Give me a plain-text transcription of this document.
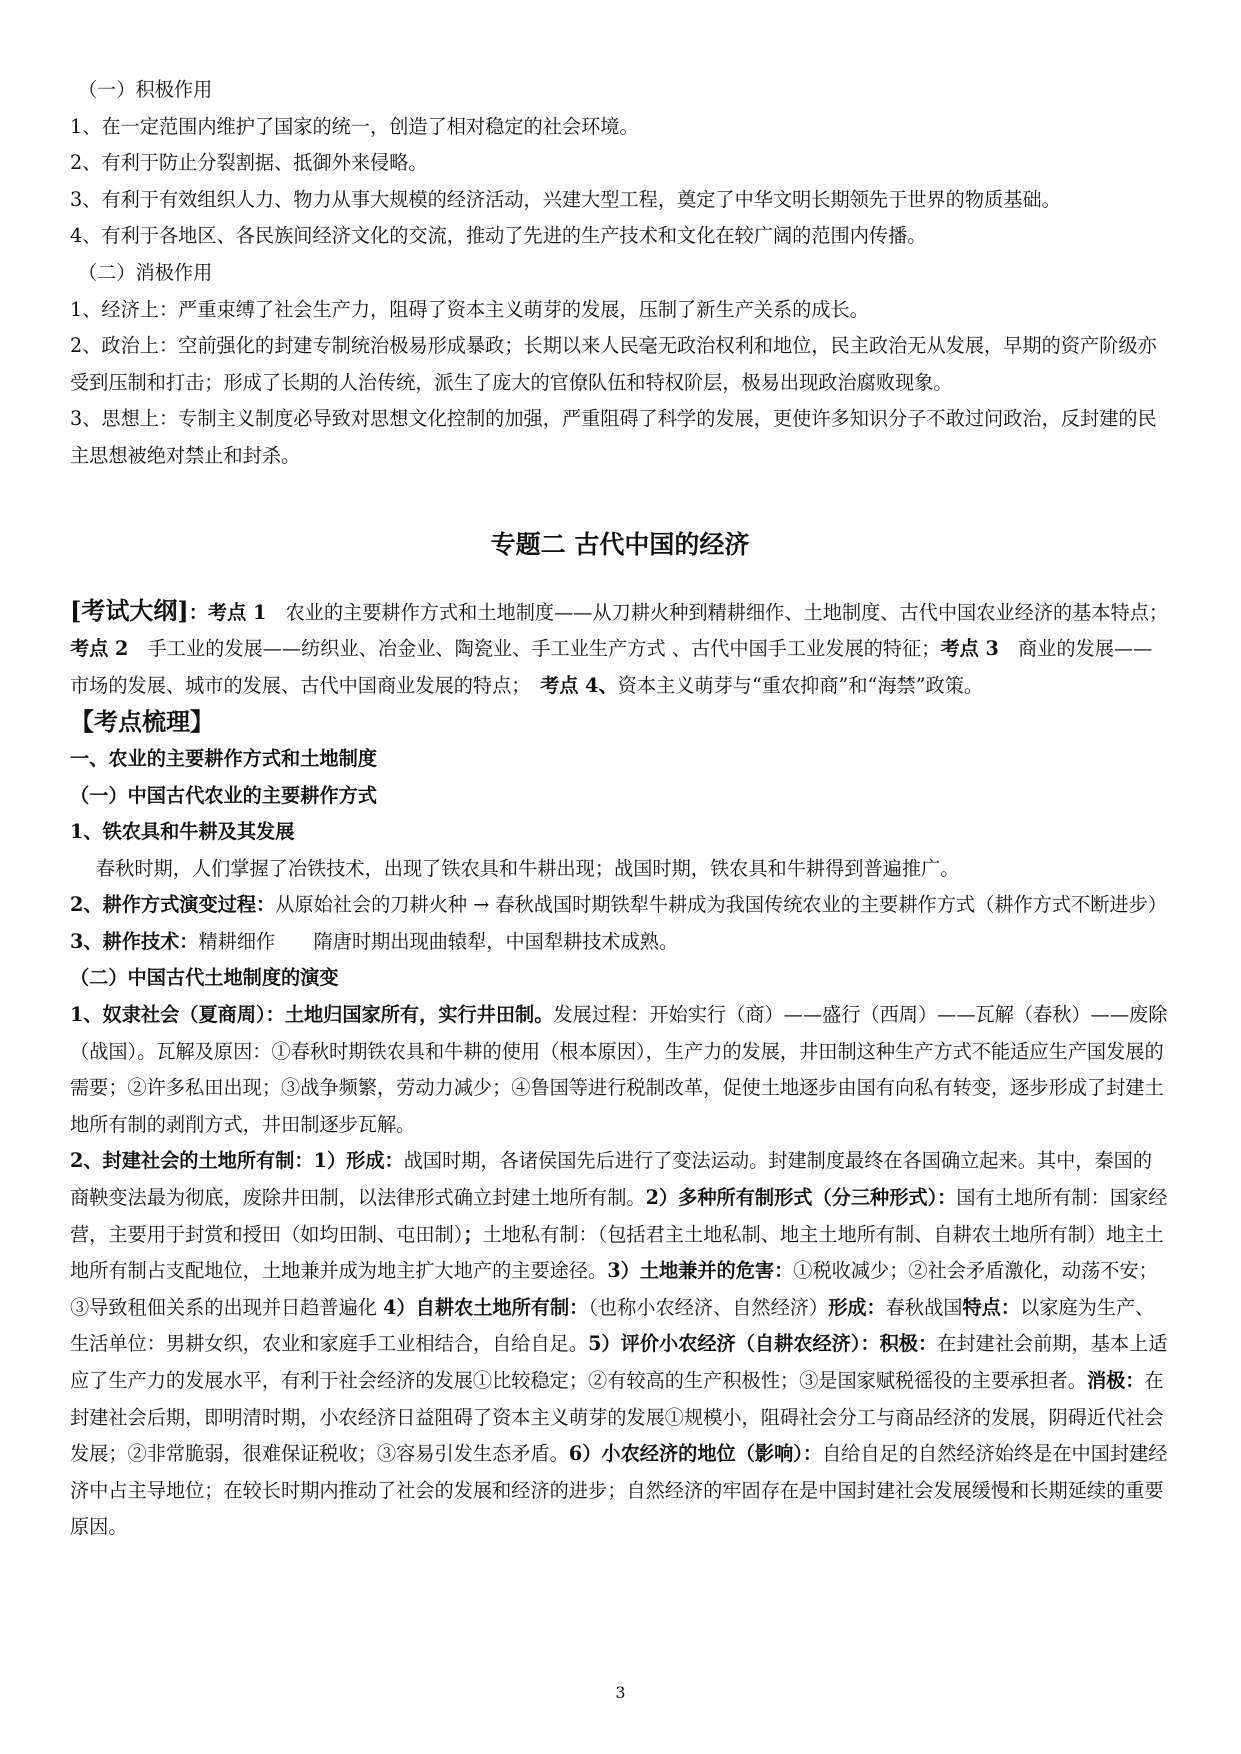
（一）积极作用

1、在一定范围内维护了国家的统一，创造了相对稳定的社会环境。

2、有利于防止分裂割据、抵御外来侵略。

3、有利于有效组织人力、物力从事大规模的经济活动，兴建大型工程，奠定了中华文明长期领先于世界的物质基础。

4、有利于各地区、各民族间经济文化的交流，推动了先进的生产技术和文化在较广阔的范围内传播。

（二）消极作用

1、经济上：严重束缚了社会生产力，阻碍了资本主义萌芽的发展，压制了新生产关系的成长。

2、政治上：空前强化的封建专制统治极易形成暴政；长期以来人民毫无政治权利和地位，民主政治无从发展，早期的资产阶级亦受到压制和打击；形成了长期的人治传统，派生了庞大的官僚队伍和特权阶层，极易出现政治腐败现象。

3、思想上：专制主义制度必导致对思想文化控制的加强，严重阻碍了科学的发展，更使许多知识分子不敢过问政治，反封建的民主思想被绝对禁止和封杀。

专题二 古代中国的经济

[考试大纲]：考点 1　农业的主要耕作方式和土地制度——从刀耕火种到精耕细作、土地制度、古代中国农业经济的基本特点；考点 2　手工业的发展——纺织业、冶金业、陶瓷业、手工业生产方式 、古代中国手工业发展的特征；考点 3　商业的发展——市场的发展、城市的发展、古代中国商业发展的特点；　考点 4、资本主义萌芽与“重农抑商”和“海禁”政策。

【考点梳理】

一、农业的主要耕作方式和土地制度

（一）中国古代农业的主要耕作方式

1、铁农具和牛耕及其发展

春秋时期，人们掌握了冶铁技术，出现了铁农具和牛耕出现；战国时期，铁农具和牛耕得到普遍推广。

2、耕作方式演变过程：从原始社会的刀耕火种 → 春秋战国时期铁犁牛耕成为我国传统农业的主要耕作方式（耕作方式不断进步）

3、耕作技术：精耕细作　　隋唐时期出现曲辕犁，中国犁耕技术成熟。

（二）中国古代土地制度的演变

1、奴隶社会（夏商周）：土地归国家所有，实行井田制。发展过程：开始实行（商）——盛行（西周）——瓦解（春秋）——废除（战国）。瓦解及原因：①春秋时期铁农具和牛耕的使用（根本原因），生产力的发展，井田制这种生产方式不能适应生产国发展的需要；②许多私田出现；③战争频繁，劳动力减少；④鲁国等进行税制改革，促使土地逐步由国有向私有转变，逐步形成了封建土地所有制的剥削方式，井田制逐步瓦解。

2、封建社会的土地所有制：1）形成：战国时期，各诸侯国先后进行了变法运动。封建制度最终在各国确立起来。其中，秦国的商鞅变法最为彻底，废除井田制，以法律形式确立封建土地所有制。2）多种所有制形式（分三种形式）：国有土地所有制：国家经营，主要用于封赏和授田（如均田制、屯田制）；土地私有制：（包括君主土地私制、地主土地所有制、自耕农土地所有制）地主土地所有制占支配地位，土地兼并成为地主扩大地产的主要途径。3）土地兼并的危害：①税收减少；②社会矛盾激化，动荡不安；③导致租佃关系的出现并日趋普遍化 4）自耕农土地所有制：（也称小农经济、自然经济）形成：春秋战国特点：以家庭为生产、生活单位：男耕女织，农业和家庭手工业相结合，自给自足。5）评价小农经济（自耕农经济）：积极：在封建社会前期，基本上适应了生产力的发展水平，有利于社会经济的发展①比较稳定；②有较高的生产积极性；③是国家赋税徭役的主要承担者。消极：在封建社会后期，即明清时期，小农经济日益阻碍了资本主义萌芽的发展①规模小，阻碍社会分工与商品经济的发展，阴碍近代社会发展；②非常脆弱，很难保证税收；③容易引发生态矛盾。6）小农经济的地位（影响）：自给自足的自然经济始终是在中国封建经济中占主导地位；在较长时期内推动了社会的发展和经济的进步；自然经济的牢固存在是中国封建社会发展缓慢和长期延续的重要原因。

3
